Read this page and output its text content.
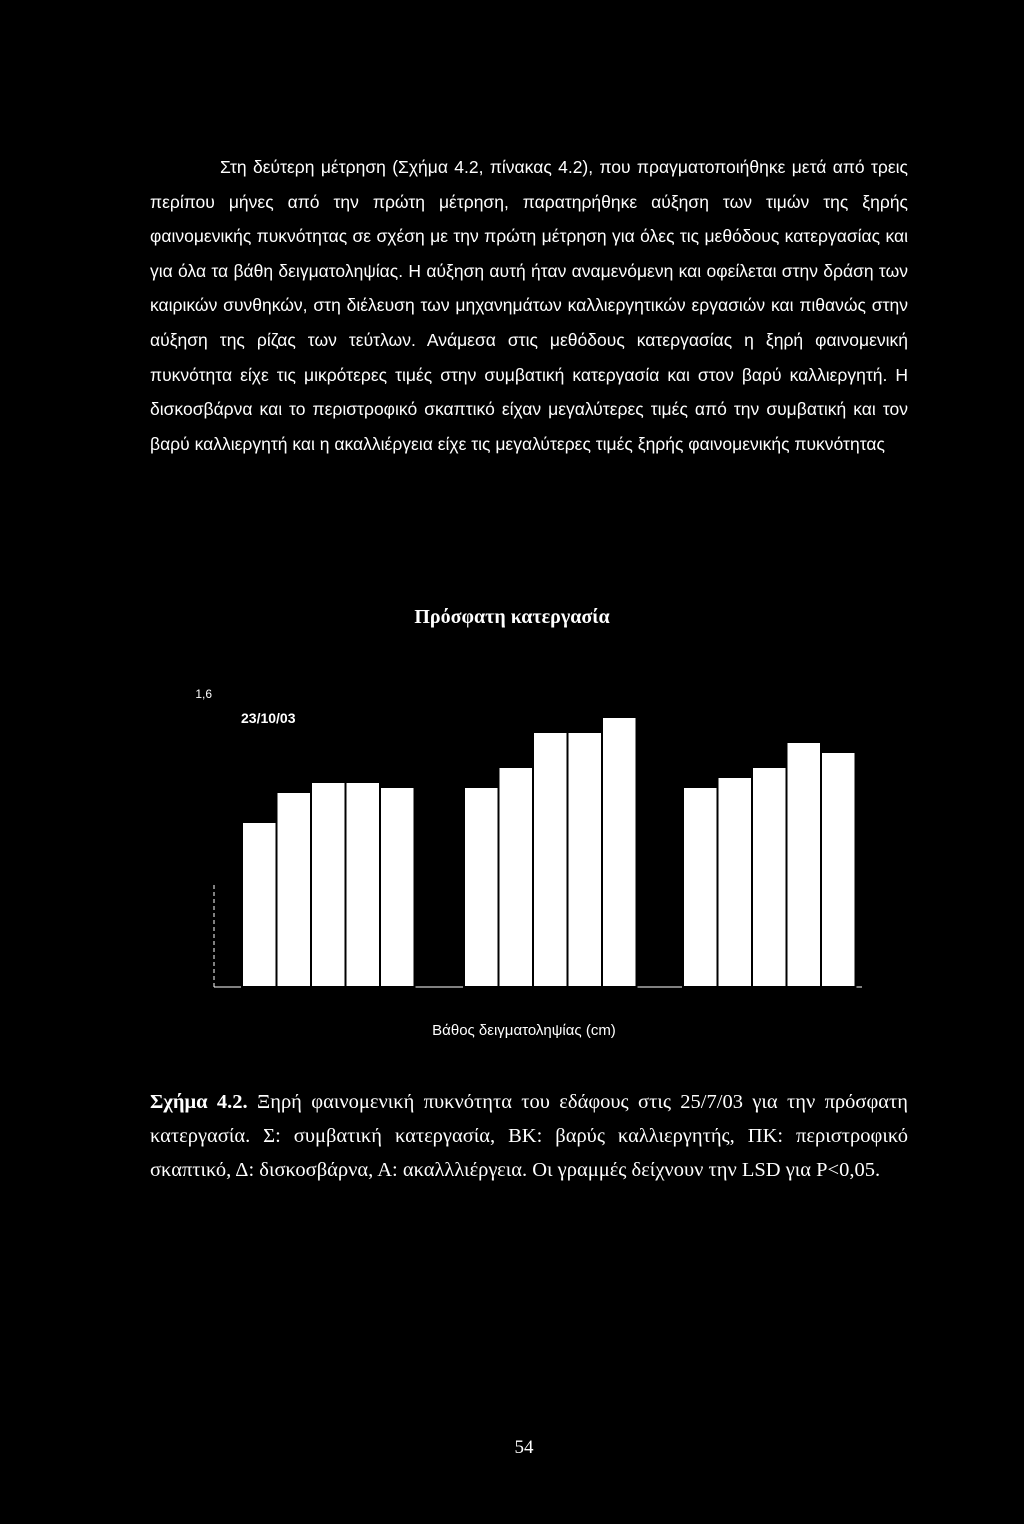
Στη δεύτερη μέτρηση (Σχήμα 4.2, πίνακας 4.2), που πραγματοποιήθηκε μετά από τρεις περίπου μήνες από την πρώτη μέτρηση, παρατηρήθηκε αύξηση των τιμών της ξηρής φαινομενικής πυκνότητας σε σχέση με την πρώτη μέτρηση για όλες τις μεθόδους κατεργασίας και για όλα τα βάθη δειγματοληψίας. Η αύξηση αυτή ήταν αναμενόμενη και οφείλεται στην δράση των καιρικών συνθηκών, στη διέλευση των μηχανημάτων καλλιεργητικών εργασιών και πιθανώς στην αύξηση της ρίζας των τεύτλων. Ανάμεσα στις μεθόδους κατεργασίας η ξηρή φαινομενική πυκνότητα είχε τις μικρότερες τιμές στην συμβατική κατεργασία και στον βαρύ καλλιεργητή. Η δισκοσβάρνα και το περιστροφικό σκαπτικό είχαν μεγαλύτερες τιμές από την συμβατική και τον βαρύ καλλιεργητή και η ακαλλιέργεια είχε τις μεγαλύτερες τιμές ξηρής φαινομενικής πυκνότητας

Πρόσφατη κατεργασία
1,6
23/10/03
Βάθος δειγματοληψίας (cm)

Σχήμα 4.2. Ξηρή φαινομενική πυκνότητα του εδάφους στις 25/7/03 για την πρόσφατη κατεργασία. Σ: συμβατική κατεργασία, ΒΚ: βαρύς καλλιεργητής, ΠΚ: περιστροφικό σκαπτικό, Δ: δισκοσβάρνα, Α: ακαλλλιέργεια. Οι γραμμές δείχνουν την LSD για P<0,05.

54
